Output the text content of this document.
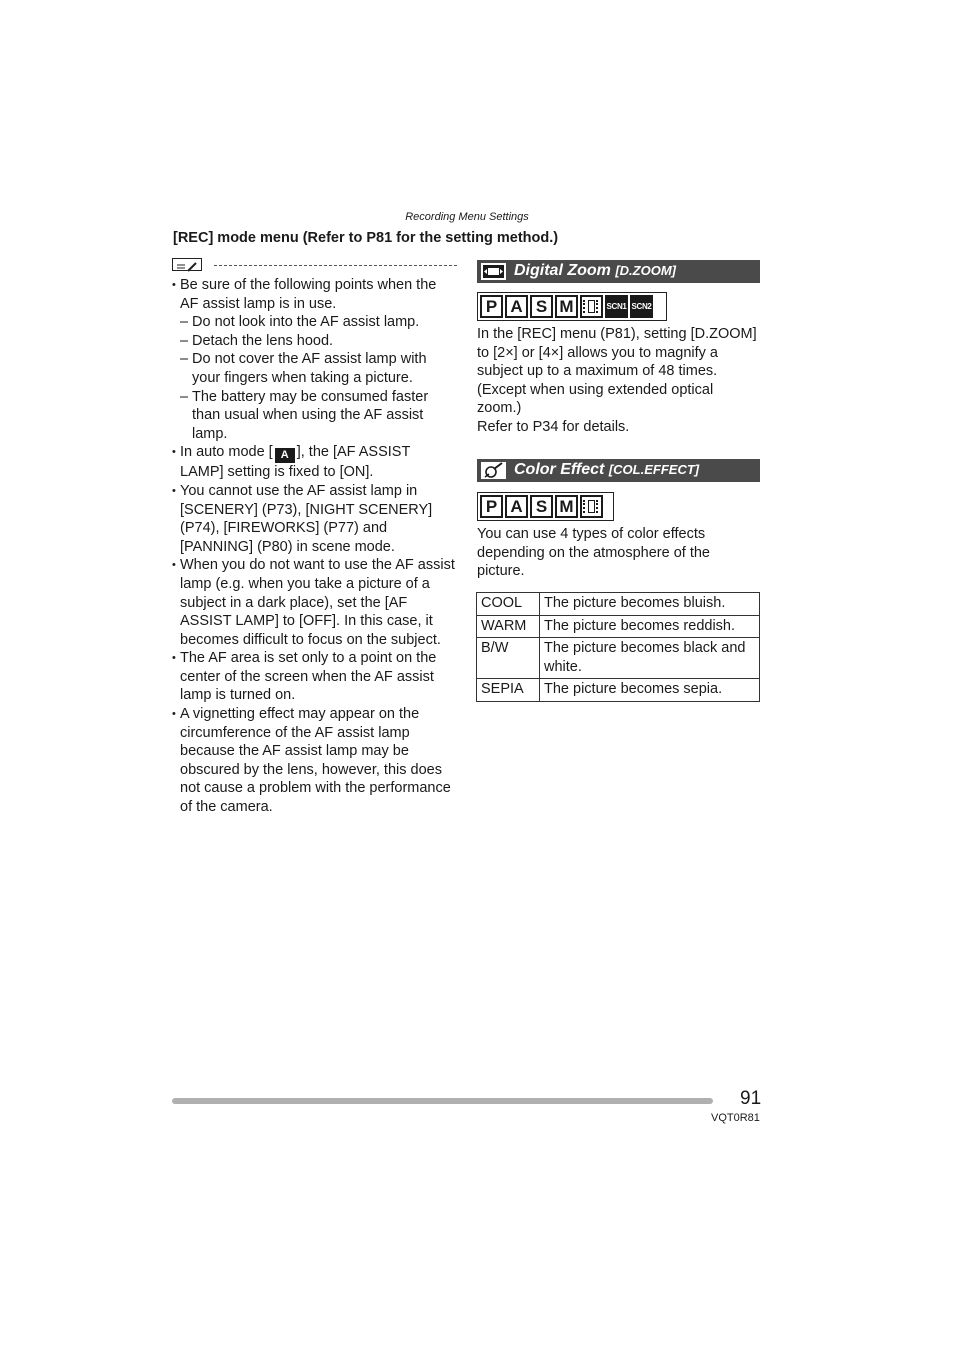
Recording Menu Settings
[REC] mode menu (Refer to P81 for the setting method.)
• Be sure of the following points when the AF assist lamp is in use.
– Do not look into the AF assist lamp.
– Detach the lens hood.
– Do not cover the AF assist lamp with your fingers when taking a picture.
– The battery may be consumed faster than usual when using the AF assist lamp.
• In auto mode [ A ], the [AF ASSIST LAMP] setting is fixed to [ON].
• You cannot use the AF assist lamp in [SCENERY] (P73), [NIGHT SCENERY] (P74), [FIREWORKS] (P77) and [PANNING] (P80) in scene mode.
• When you do not want to use the AF assist lamp (e.g. when you take a picture of a subject in a dark place), set the [AF ASSIST LAMP] to [OFF]. In this case, it becomes difficult to focus on the subject.
• The AF area is set only to a point on the center of the screen when the AF assist lamp is turned on.
• A vignetting effect may appear on the circumference of the AF assist lamp because the AF assist lamp may be obscured by the lens, however, this does not cause a problem with the performance of the camera.
Digital Zoom [D.ZOOM]
P A S M	SCN1 SCN2
In the [REC] menu (P81), setting [D.ZOOM]
to [2×] or [4×] allows you to magnify a
subject up to a maximum of 48 times.
(Except when using extended optical
zoom.)
Refer to P34 for details.
Color Effect [COL.EFFECT]
P A S M
You can use 4 types of color effects
depending on the atmosphere of the
picture.
COOL	The picture becomes bluish.
WARM	The picture becomes reddish.
B/W	The picture becomes black and white.
SEPIA	The picture becomes sepia.
91
VQT0R81
